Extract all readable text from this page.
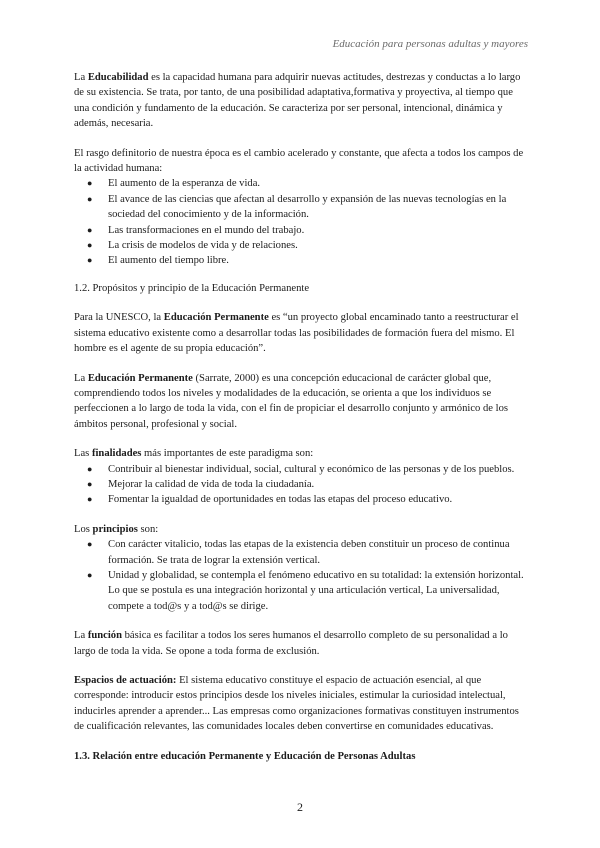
Educación para personas adultas y mayores

La Educabilidad es la capacidad humana para adquirir nuevas actitudes, destrezas y conductas a lo largo de su existencia. Se trata, por tanto, de una posibilidad adaptativa,formativa y proyectiva, al tiempo que una condición y fundamento de la educación. Se caracteriza por ser personal, intencional, dinámica y además, necesaria.

El rasgo definitorio de nuestra época es el cambio acelerado y constante, que afecta a todos los campos de la actividad humana:

● El aumento de la esperanza de vida.
● El avance de las ciencias que afectan al desarrollo y expansión de las nuevas tecnologías en la sociedad del conocimiento y de la información.
● Las transformaciones en el mundo del trabajo.
● La crisis de modelos de vida y de relaciones.
● El aumento del tiempo libre.

1.2. Propósitos y principio de la Educación Permanente

Para la UNESCO, la Educación Permanente es “un proyecto global encaminado tanto a reestructurar el sistema educativo existente como a desarrollar todas las posibilidades de formación fuera del mismo. El hombre es el agente de su propia educación”.

La Educación Permanente (Sarrate, 2000) es una concepción educacional de carácter global que, comprendiendo todos los niveles y modalidades de la educación, se orienta a que los individuos se perfeccionen a lo largo de toda la vida, con el fin de propiciar el desarrollo conjunto y armónico de los ámbitos personal, profesional y social.

Las finalidades más importantes de este paradigma son:

● Contribuir al bienestar individual, social, cultural y económico de las personas y de los pueblos.
● Mejorar la calidad de vida de toda la ciudadanía.
● Fomentar la igualdad de oportunidades en todas las etapas del proceso educativo.

Los principios son:

● Con carácter vitalicio, todas las etapas de la existencia deben constituir un proceso de continua formación. Se trata de lograr la extensión vertical.
● Unidad y globalidad, se contempla el fenómeno educativo en su totalidad: la extensión horizontal. Lo que se postula es una integración horizontal y una articulación vertical, La universalidad, compete a tod@s y a tod@s se dirige.

La función básica es facilitar a todos los seres humanos el desarrollo completo de su personalidad a lo largo de toda la vida. Se opone a toda forma de exclusión.

Espacios de actuación: El sistema educativo constituye el espacio de actuación esencial, al que corresponde: introducir estos principios desde los niveles iniciales, estimular la curiosidad intelectual, inducirles aprender a aprender... Las empresas como organizaciones formativas constituyen instrumentos de cualificación relevantes, las comunidades locales deben convertirse en comunidades educativas.

1.3. Relación entre educación Permanente y Educación de Personas Adultas

2
